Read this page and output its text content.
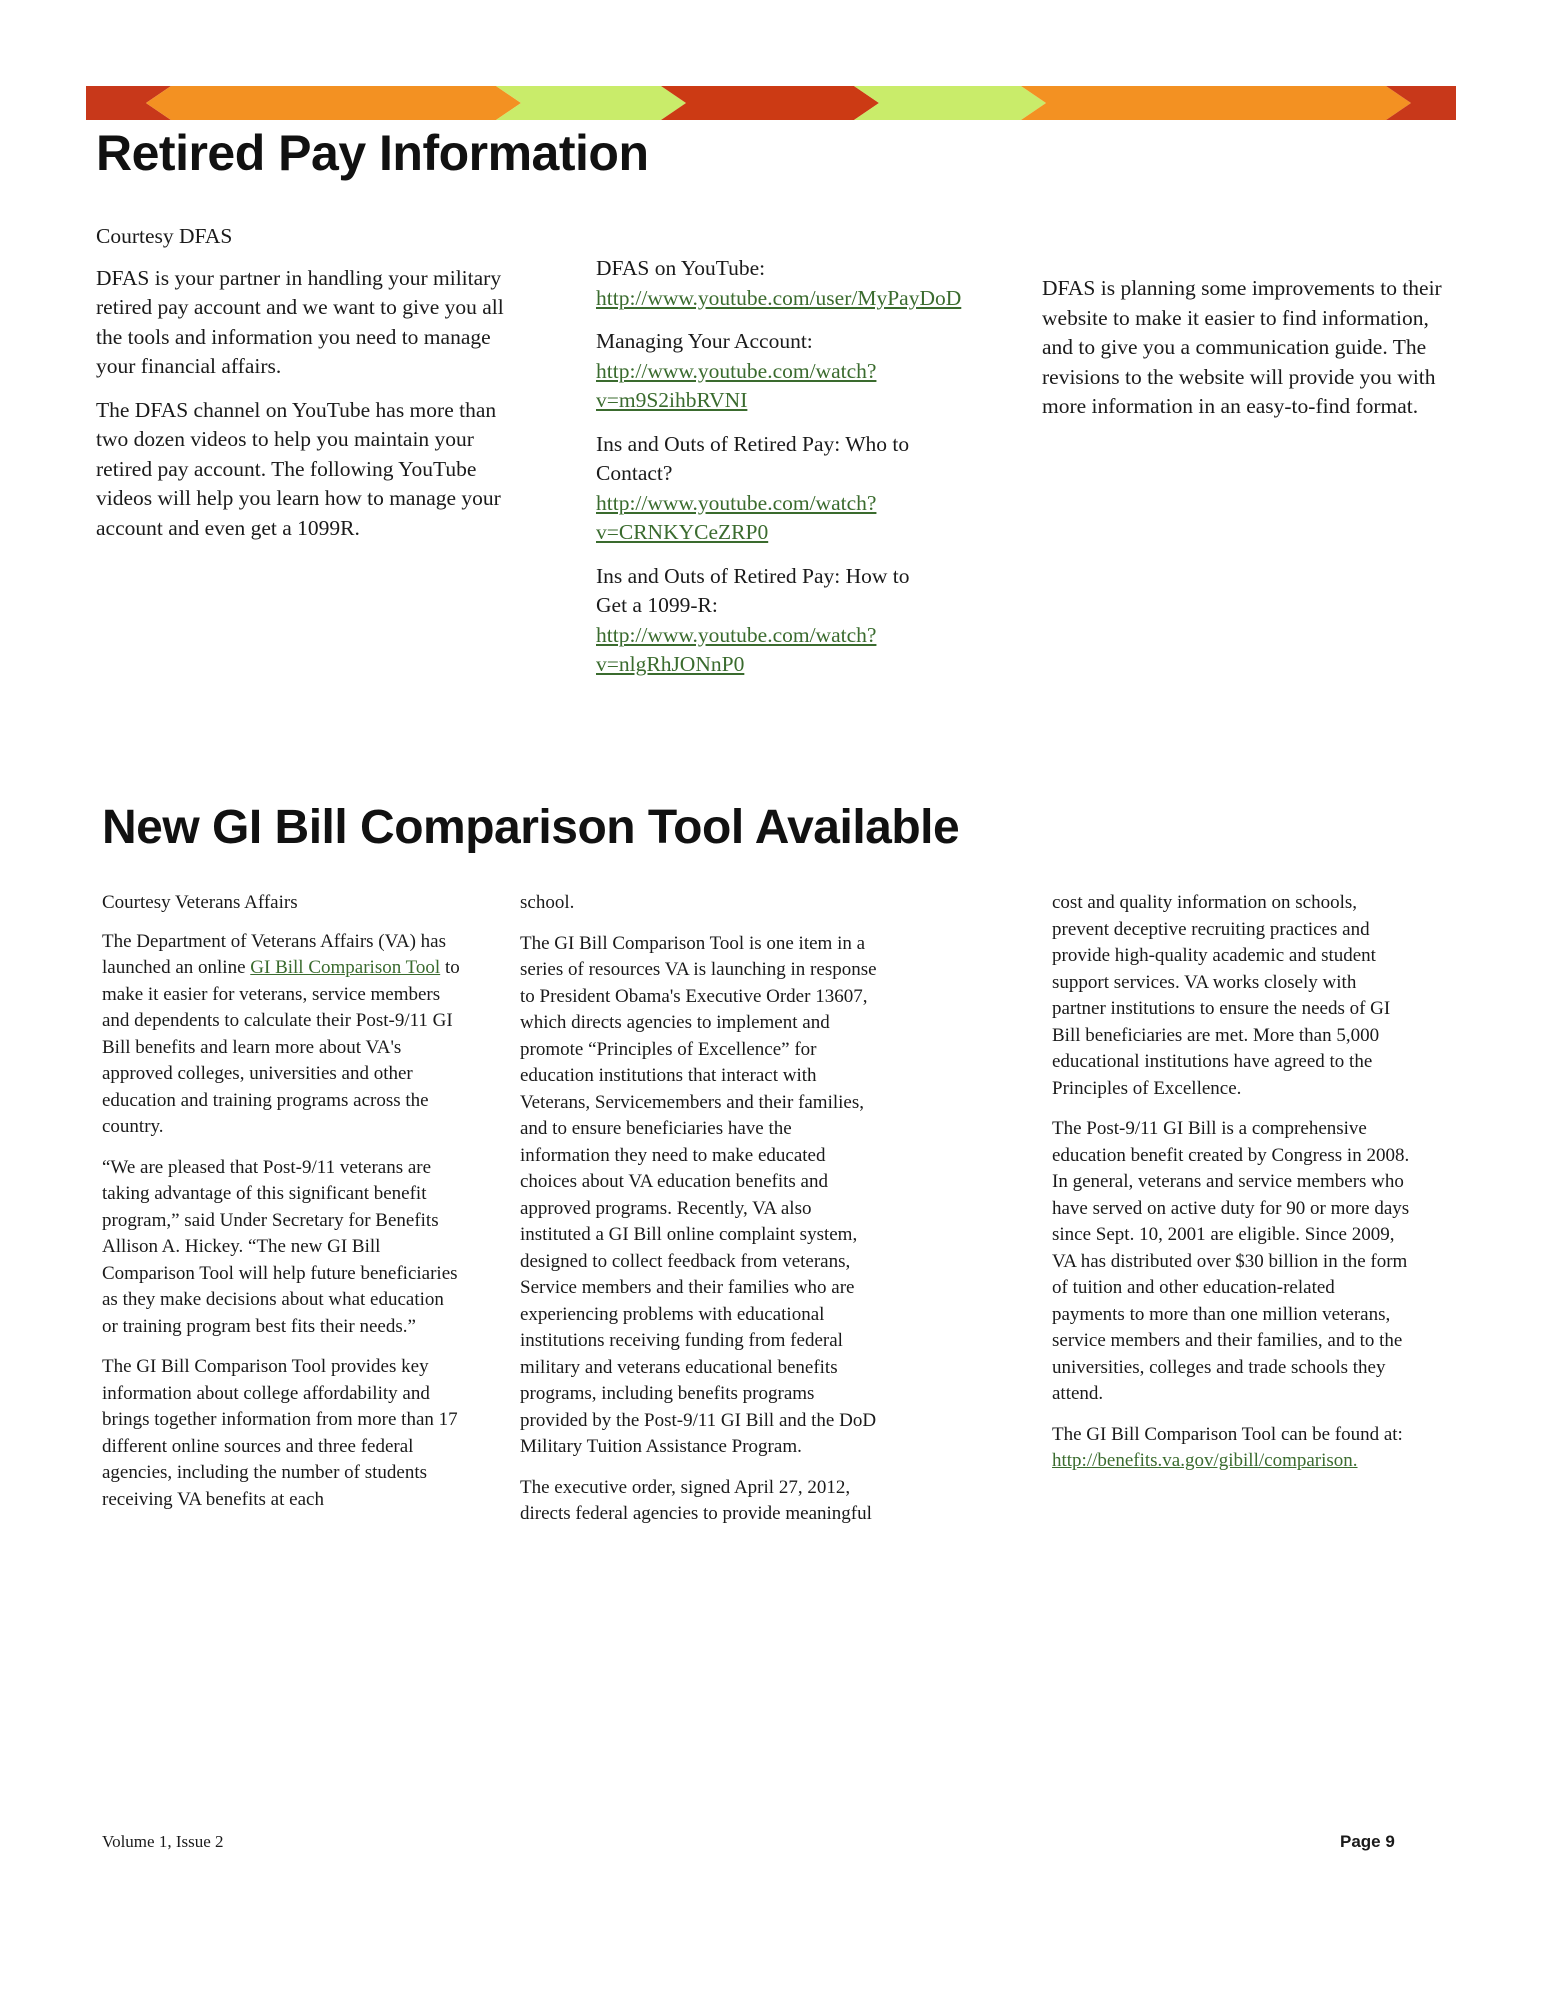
Retired Pay Information

Courtesy DFAS

DFAS is your partner in handling your military retired pay account and we want to give you all the tools and information you need to manage your financial affairs.

The DFAS channel on YouTube has more than two dozen videos to help you maintain your retired pay account. The following YouTube videos will help you learn how to manage your account and even get a 1099R.

DFAS on YouTube: http://www.youtube.com/user/MyPayDoD

Managing Your Account: http://www.youtube.com/watch?v=m9S2ihbRVNI

Ins and Outs of Retired Pay: Who to Contact? http://www.youtube.com/watch?v=CRNKYCeZRP0

Ins and Outs of Retired Pay: How to Get a 1099-R: http://www.youtube.com/watch?v=nlgRhJONnP0

DFAS is planning some improvements to their website to make it easier to find information, and to give you a communication guide. The revisions to the website will provide you with more information in an easy-to-find format.

New GI Bill Comparison Tool Available

Courtesy Veterans Affairs

The Department of Veterans Affairs (VA) has launched an online GI Bill Comparison Tool to make it easier for veterans, service members and dependents to calculate their Post-9/11 GI Bill benefits and learn more about VA's approved colleges, universities and other education and training programs across the country.

“We are pleased that Post-9/11 veterans are taking advantage of this significant benefit program,” said Under Secretary for Benefits Allison A. Hickey. “The new GI Bill Comparison Tool will help future beneficiaries as they make decisions about what education or training program best fits their needs.”

The GI Bill Comparison Tool provides key information about college affordability and brings together information from more than 17 different online sources and three federal agencies, including the number of students receiving VA benefits at each

school.

The GI Bill Comparison Tool is one item in a series of resources VA is launching in response to President Obama's Executive Order 13607, which directs agencies to implement and promote “Principles of Excellence” for education institutions that interact with Veterans, Servicemembers and their families, and to ensure beneficiaries have the information they need to make educated choices about VA education benefits and approved programs. Recently, VA also instituted a GI Bill online complaint system, designed to collect feedback from veterans, Service members and their families who are experiencing problems with educational institutions receiving funding from federal military and veterans educational benefits programs, including benefits programs provided by the Post-9/11 GI Bill and the DoD Military Tuition Assistance Program.

The executive order, signed April 27, 2012, directs federal agencies to provide meaningful

cost and quality information on schools, prevent deceptive recruiting practices and provide high-quality academic and student support services. VA works closely with partner institutions to ensure the needs of GI Bill beneficiaries are met. More than 5,000 educational institutions have agreed to the Principles of Excellence.

The Post-9/11 GI Bill is a comprehensive education benefit created by Congress in 2008. In general, veterans and service members who have served on active duty for 90 or more days since Sept. 10, 2001 are eligible. Since 2009, VA has distributed over $30 billion in the form of tuition and other education-related payments to more than one million veterans, service members and their families, and to the universities, colleges and trade schools they attend.

The GI Bill Comparison Tool can be found at: http://benefits.va.gov/gibill/comparison.

Volume 1, Issue 2	Page 9
